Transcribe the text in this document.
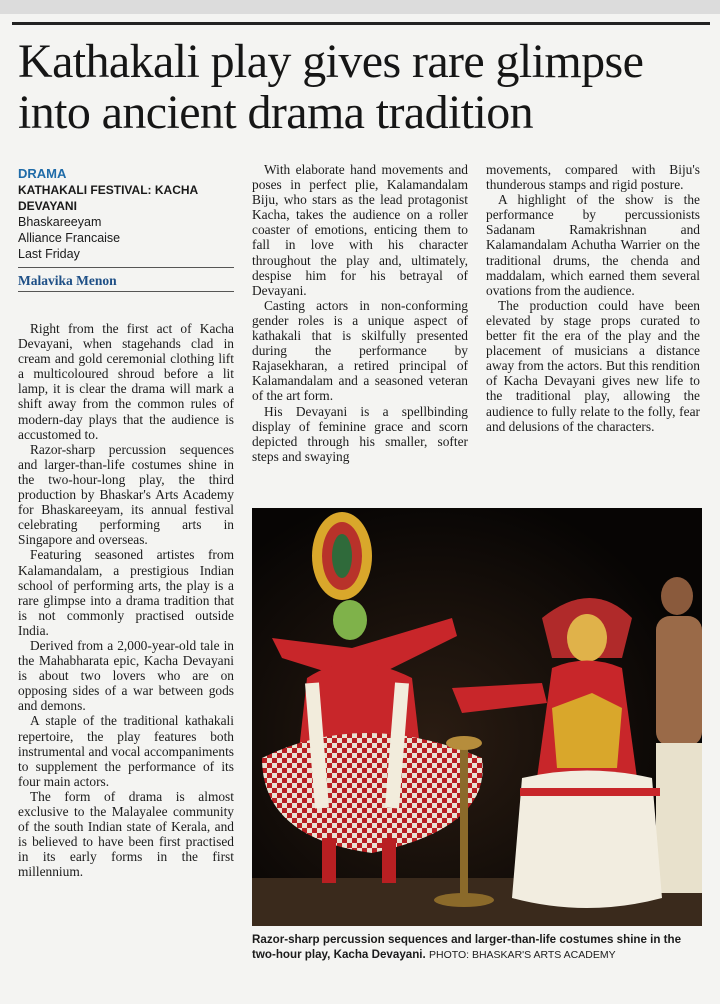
Kathakali play gives rare glimpse into ancient drama tradition
DRAMA
KATHAKALI FESTIVAL: KACHA DEVAYANI
Bhaskareeyam
Alliance Francaise
Last Friday
Malavika Menon

Right from the first act of Kacha Devayani, when stagehands clad in cream and gold ceremonial clothing lift a multicoloured shroud before a lit lamp, it is clear the drama will mark a shift away from the common rules of modern-day plays that the audience is accustomed to.

Razor-sharp percussion sequences and larger-than-life costumes shine in the two-hour-long play, the third production by Bhaskar's Arts Academy for Bhaskareeyam, its annual festival celebrating performing arts in Singapore and overseas.

Featuring seasoned artistes from Kalamandalam, a prestigious Indian school of performing arts, the play is a rare glimpse into a drama tradition that is not commonly practised outside India.

Derived from a 2,000-year-old tale in the Mahabharata epic, Kacha Devayani is about two lovers who are on opposing sides of a war between gods and demons.

A staple of the traditional kathakali repertoire, the play features both instrumental and vocal accompaniments to supplement the performance of its four main actors.

The form of drama is almost exclusive to the Malayalee community of the south Indian state of Kerala, and is believed to have been first practised in its early forms in the first millennium.

With elaborate hand movements and poses in perfect plie, Kalamandalam Biju, who stars as the lead protagonist Kacha, takes the audience on a roller coaster of emotions, enticing them to fall in love with his character throughout the play and, ultimately, despise him for his betrayal of Devayani.

Casting actors in non-conforming gender roles is a unique aspect of kathakali that is skilfully presented during the performance by Rajasekharan, a retired principal of Kalamandalam and a seasoned veteran of the art form.

His Devayani is a spellbinding display of feminine grace and scorn depicted through his smaller, softer steps and swaying

movements, compared with Biju's thunderous stamps and rigid posture.

A highlight of the show is the performance by percussionists Sadanam Ramakrishnan and Kalamandalam Achutha Warrier on the traditional drums, the chenda and maddalam, which earned them several ovations from the audience.

The production could have been elevated by stage props curated to better fit the era of the play and the placement of musicians a distance away from the actors. But this rendition of Kacha Devayani gives new life to the traditional play, allowing the audience to fully relate to the folly, fear and delusions of the characters.

Razor-sharp percussion sequences and larger-than-life costumes shine in the two-hour play, Kacha Devayani. PHOTO: BHASKAR'S ARTS ACADEMY
